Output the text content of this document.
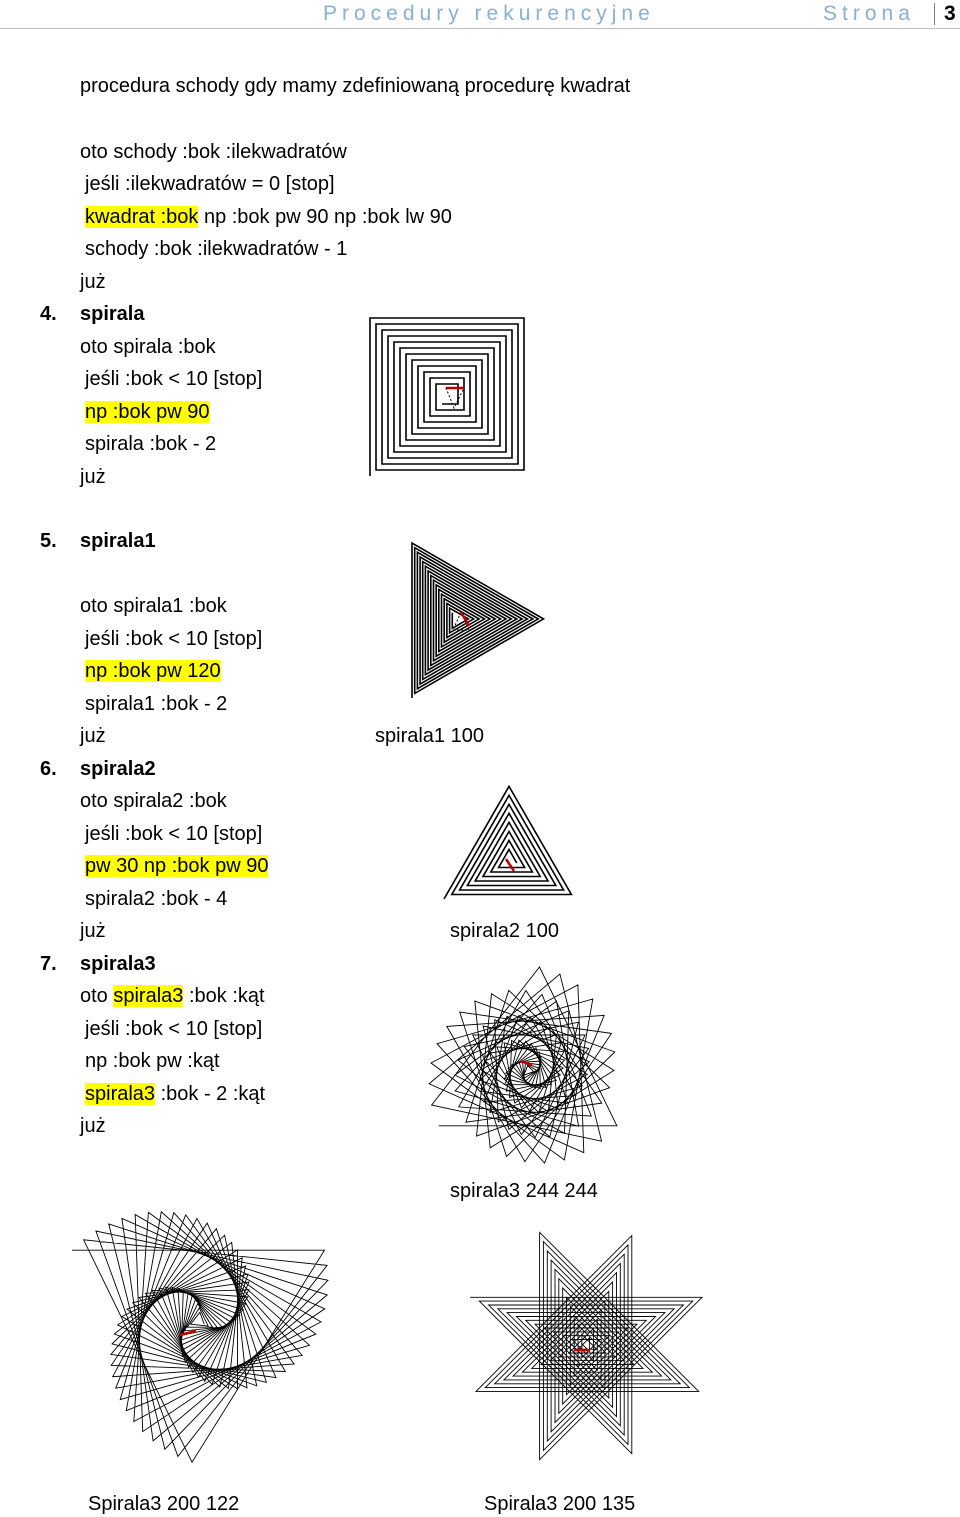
Procedury rekurencyjne	Strona 3
procedura schody gdy mamy zdefiniowaną procedurę kwadrat
oto schody :bok :ilekwadratów
jeśli :ilekwadratów = 0 [stop]
kwadrat :bok np :bok pw 90 np :bok lw 90
schody :bok :ilekwadratów - 1
już
4. spirala
oto spirala :bok
jeśli :bok < 10 [stop]
np :bok pw 90
spirala :bok - 2
już
5. spirala1
oto spirala1 :bok
jeśli :bok < 10 [stop]
np :bok pw 120
spirala1 :bok - 2
już	spirala1 100
6. spirala2
oto spirala2 :bok
jeśli :bok < 10 [stop]
pw 30 np :bok pw 90
spirala2 :bok - 4
już	spirala2 100
7. spirala3
oto spirala3 :bok :kąt
jeśli :bok < 10 [stop]
np :bok pw :kąt
spirala3 :bok - 2 :kąt
już
spirala3 244 244
Spirala3 200 122	Spirala3 200 135
